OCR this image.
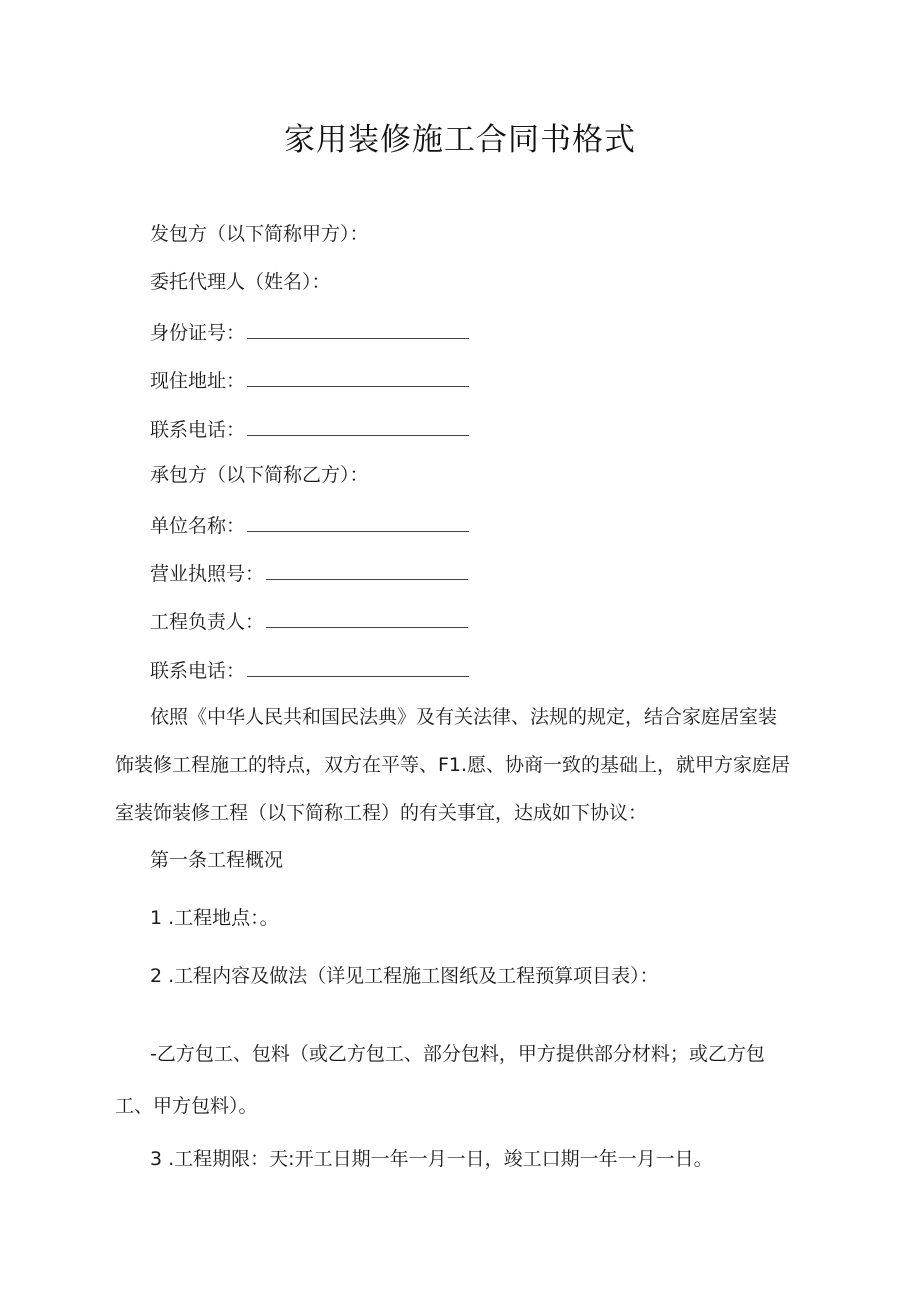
家用装修施工合同书格式
发包方（以下简称甲方）：
委托代理人（姓名）：
身份证号：
现住地址：
联系电话：
承包方（以下简称乙方）：
单位名称：
营业执照号：
工程负责人：
联系电话：
依照《中华人民共和国民法典》及有关法律、法规的规定，结合家庭居室装
饰装修工程施工的特点，双方在平等、F1.愿、协商一致的基础上，就甲方家庭居
室装饰装修工程（以下简称工程）的有关事宜，达成如下协议：
第一条工程概况
1 .工程地点：。
2 .工程内容及做法（详见工程施工图纸及工程预算项目表）：
-乙方包工、包料（或乙方包工、部分包料，甲方提供部分材料；或乙方包
工、甲方包料）。
3 .工程期限：天:开工日期一年一月一日，竣工口期一年一月一日。
